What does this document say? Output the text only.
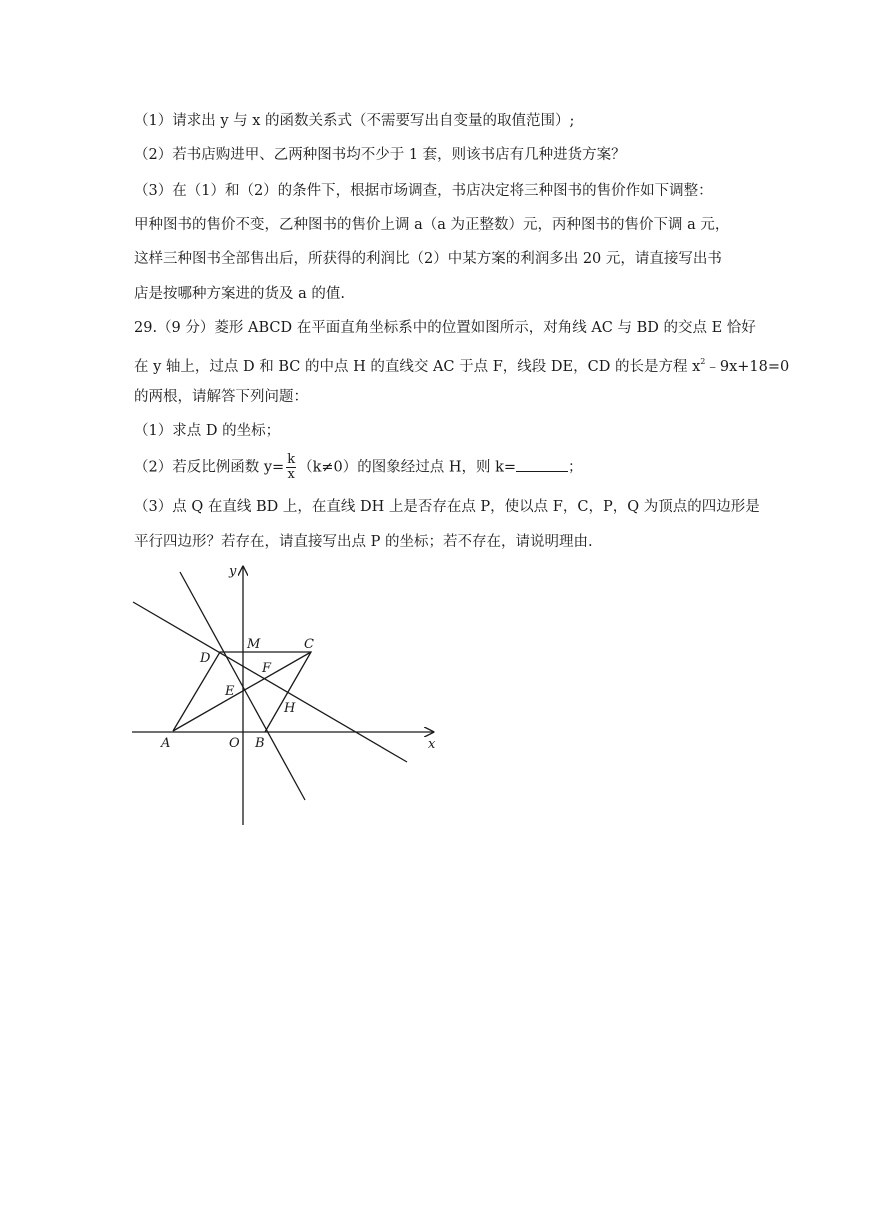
（1）请求出 y 与 x 的函数关系式（不需要写出自变量的取值范围）;
（2）若书店购进甲、乙两种图书均不少于 1 套，则该书店有几种进货方案？
（3）在（1）和（2）的条件下，根据市场调查，书店决定将三种图书的售价作如下调整：
甲种图书的售价不变，乙种图书的售价上调 a（a 为正整数）元，丙种图书的售价下调 a 元，
这样三种图书全部售出后，所获得的利润比（2）中某方案的利润多出 20 元，请直接写出书
店是按哪种方案进的货及 a 的值.
29.（9 分）菱形 ABCD 在平面直角坐标系中的位置如图所示，对角线 AC 与 BD 的交点 E 恰好
在 y 轴上，过点 D 和 BC 的中点 H 的直线交 AC 于点 F，线段 DE，CD 的长是方程 $x^2﹣9x+18=0$
的两根，请解答下列问题：
（1）求点 D 的坐标；
（2）若反比例函数 $y= \frac{k}{x} (k\ne 0)$的图象经过点 H，则 k=	；
（3）点 Q 在直线 BD 上，在直线 DH 上是否存在点 P，使以点 F，C，P，Q 为顶点的四边形是
平行四边形？若存在，请直接写出点 P 的坐标；若不存在，请说明理由.
y
x
M	C
D
F
E
H
A	O B
